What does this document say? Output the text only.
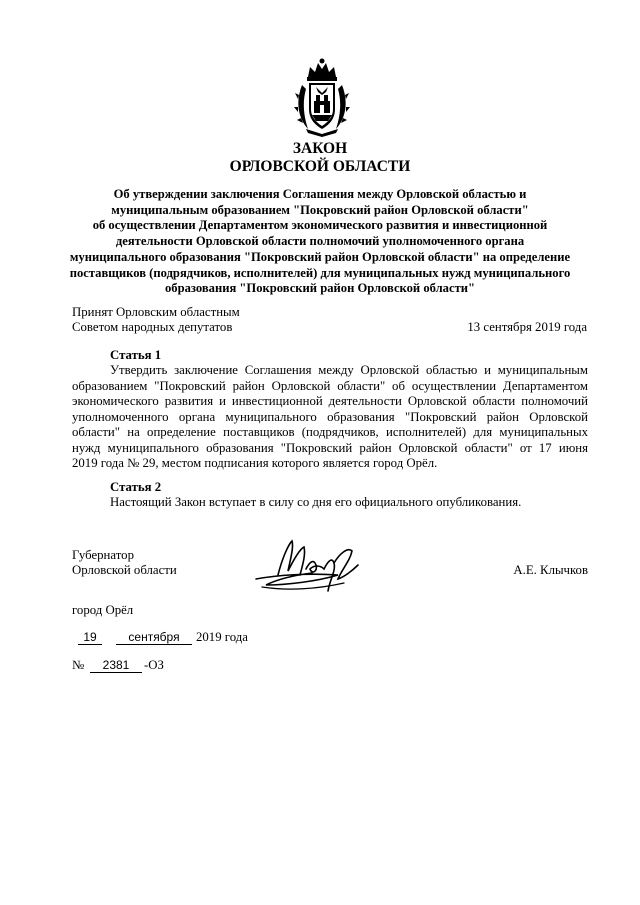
ЗАКОН
ОРЛОВСКОЙ ОБЛАСТИ
Об утверждении заключения Соглашения между Орловской областью и
муниципальным образованием "Покровский район Орловской области"
об осуществлении Департаментом экономического развития и инвестиционной
деятельности Орловской области полномочий уполномоченного органа
муниципального образования "Покровский район Орловской области" на определение
поставщиков (подрядчиков, исполнителей) для муниципальных нужд муниципального
образования "Покровский район Орловской области"
Принят Орловским областным
Советом народных депутатов	13 сентября 2019 года
Статья 1
Утвердить заключение Соглашения между Орловской областью и муниципальным
образованием "Покровский район Орловской области" об осуществлении Департаментом
экономического развития и инвестиционной деятельности Орловской области полномочий
уполномоченного органа муниципального образования "Покровский район Орловской
области" на определение поставщиков (подрядчиков, исполнителей) для муниципальных
нужд муниципального образования "Покровский район Орловской области" от 17 июня
2019 года № 29, местом подписания которого является город Орёл.
Статья 2
Настоящий Закон вступает в силу со дня его официального опубликования.
Губернатор
Орловской области	А.Е. Клычков
город Орёл
19	сентября	2019 года
№	2381	-ОЗ
